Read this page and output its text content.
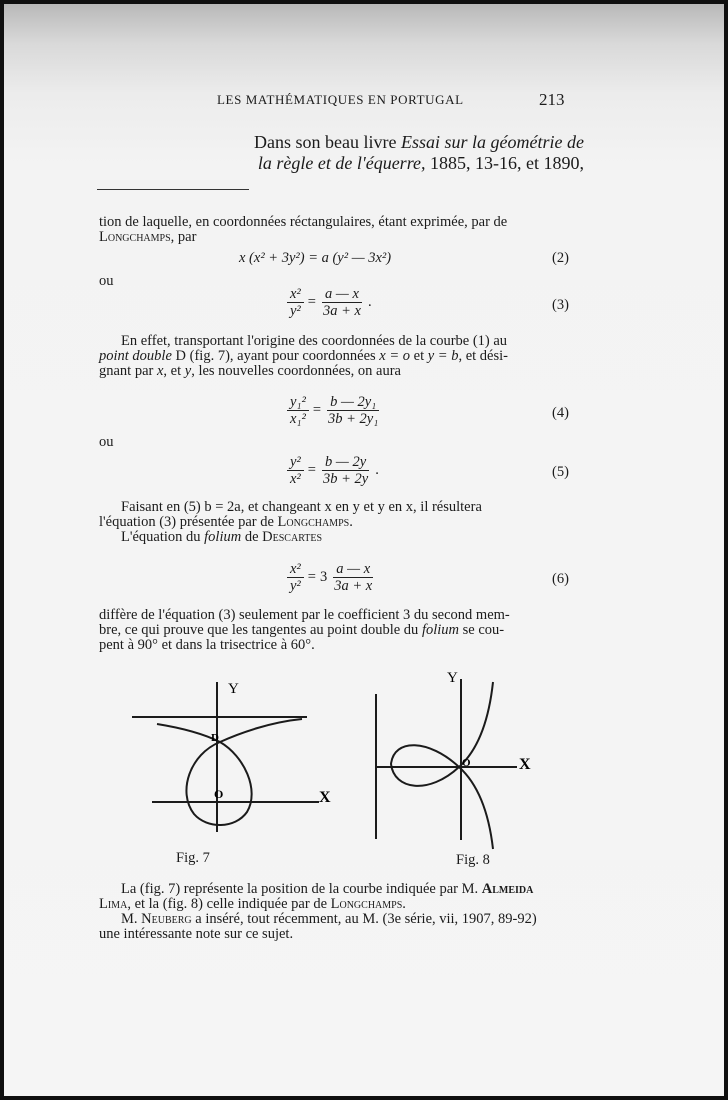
LES MATHÉMATIQUES EN PORTUGAL	213
Dans son beau livre Essai sur la géométrie de
la règle et de l'équerre, 1885, 13-16, et 1890,
tion de laquelle, en coordonnées réctangulaires, étant exprimée, par de
Longchamps, par
x (x² + 3y²) = a (y² — 3x²)	(2)
ou
$\frac{\text{x²}}{\text{y²}} = \frac{a — x}{3a + x}$ .	(3)
En effet, transportant l'origine des coordonnées de la courbe (1) au
point double D (fig. 7), ayant pour coordonnées x = o et y = b, et dési-
gnant par x, et y, les nouvelles coordonnées, on aura
$\frac{\text{y₁²}}{\text{x₁²}} = \frac{\text{b — 2y₁}}{\text{3b + 2y₁}}$	(4)
ou
$\frac{\text{y²}}{\text{x²}} = \frac{b — 2y}{3b + 2y}$ .	(5)
Faisant en (5) b = 2a, et changeant x en y et y en x, il résultera
l'équation (3) présentée par de Longchamps.
L'équation du folium de Descartes
$\frac{\text{x²}}{\text{y²}} = 3 \frac{a — x}{3a + x}$	(6)
diffère de l'équation (3) seulement par le coefficient 3 du second mem-
bre, ce qui prouve que les tangentes au point double du folium se cou-
pent à 90° et dans la trisectrice à 60°.
Y
D
O	X
Fig. 7
Y
O	X
Fig. 8
La (fig. 7) représente la position de la courbe indiquée par M. Almeida
Lima, et la (fig. 8) celle indiquée par de Longchamps.
M. Neuberg a inséré, tout récemment, au M. (3e série, vii, 1907, 89-92)
une intéressante note sur ce sujet.
